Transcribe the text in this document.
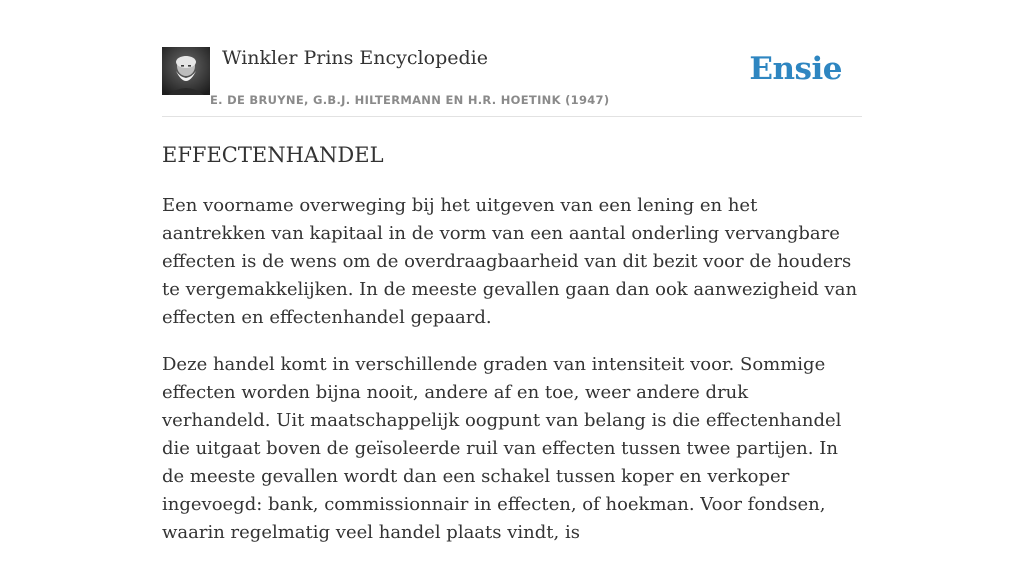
Winkler Prins Encyclopedie
E. DE BRUYNE, G.B.J. HILTERMANN EN H.R. HOETINK (1947)
Ensie
EFFECTENHANDEL

Een voorname overweging bij het uitgeven van een lening en het aantrekken van kapitaal in de vorm van een aantal onderling vervangbare effecten is de wens om de overdraagbaarheid van dit bezit voor de houders te vergemakkelijken. In de meeste gevallen gaan dan ook aanwezigheid van effecten en effectenhandel gepaard.

Deze handel komt in verschillende graden van intensiteit voor. Sommige effecten worden bijna nooit, andere af en toe, weer andere druk verhandeld. Uit maatschappelijk oogpunt van belang is die effectenhandel die uitgaat boven de geïsoleerde ruil van effecten tussen twee partijen. In de meeste gevallen wordt dan een schakel tussen koper en verkoper ingevoegd: bank, commissionnair in effecten, of hoekman. Voor fondsen, waarin regelmatig veel handel plaats vindt, is
